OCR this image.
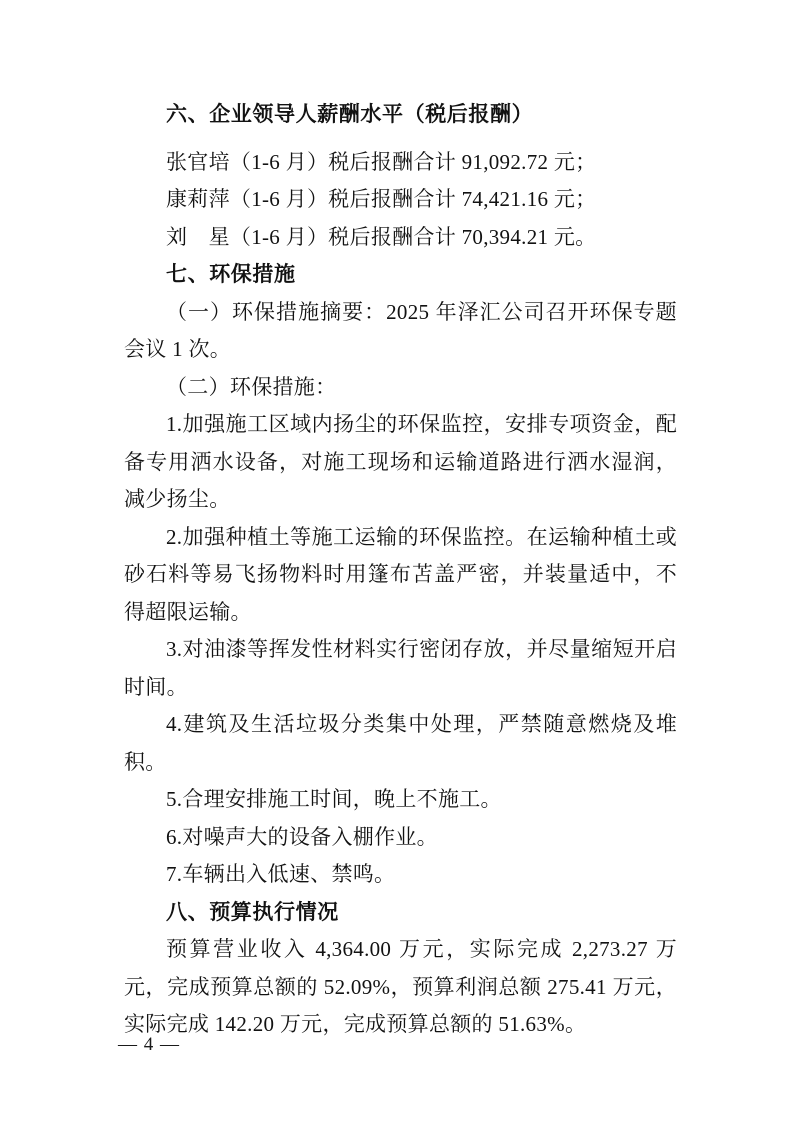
六、企业领导人薪酬水平（税后报酬）
张官培（1-6 月）税后报酬合计 91,092.72 元；
康莉萍（1-6 月）税后报酬合计 74,421.16 元；
刘　星（1-6 月）税后报酬合计 70,394.21 元。
七、环保措施
（一）环保措施摘要：2025 年泽汇公司召开环保专题会议 1 次。
（二）环保措施：
1.加强施工区域内扬尘的环保监控，安排专项资金，配备专用洒水设备，对施工现场和运输道路进行洒水湿润，减少扬尘。
2.加强种植土等施工运输的环保监控。在运输种植土或砂石料等易飞扬物料时用篷布苫盖严密，并装量适中，不得超限运输。
3.对油漆等挥发性材料实行密闭存放，并尽量缩短开启时间。
4.建筑及生活垃圾分类集中处理，严禁随意燃烧及堆积。
5.合理安排施工时间，晚上不施工。
6.对噪声大的设备入棚作业。
7.车辆出入低速、禁鸣。
八、预算执行情况
预算营业收入 4,364.00 万元，实际完成 2,273.27 万元，完成预算总额的 52.09%，预算利润总额 275.41 万元，实际完成 142.20 万元，完成预算总额的 51.63%。
— 4 —
